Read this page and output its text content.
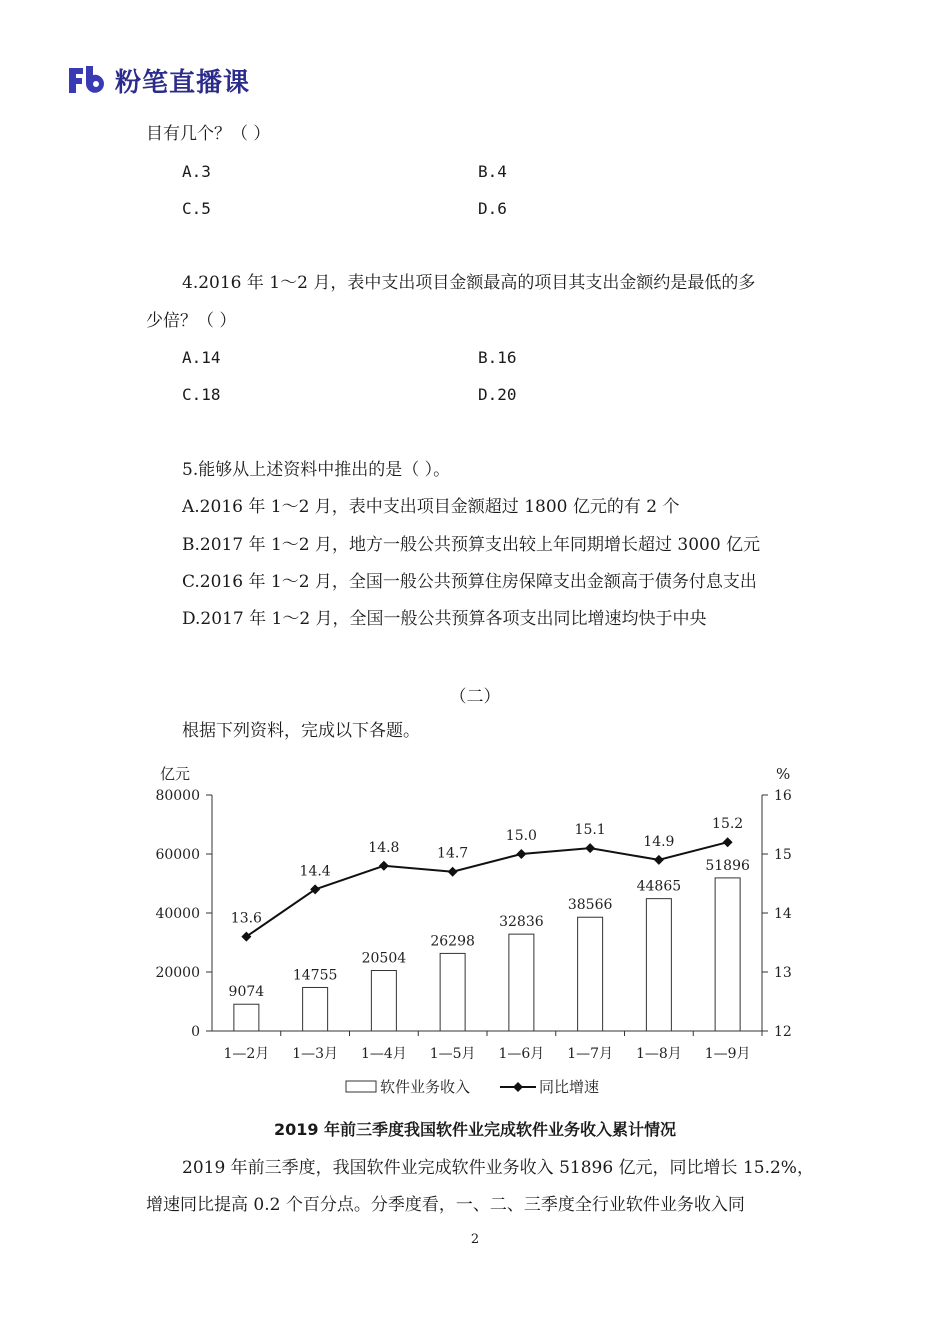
粉笔直播课
目有几个？（ ）
A.3	B.4
C.5	D.6
4.2016 年 1～2 月，表中支出项目金额最高的项目其支出金额约是最低的多
少倍？（ ）
A.14	B.16
C.18	D.20
5.能够从上述资料中推出的是（ ）。
A.2016 年 1～2 月，表中支出项目金额超过 1800 亿元的有 2 个
B.2017 年 1～2 月，地方一般公共预算支出较上年同期增长超过 3000 亿元
C.2016 年 1～2 月，全国一般公共预算住房保障支出金额高于债务付息支出
D.2017 年 1～2 月，全国一般公共预算各项支出同比增速均快于中央
（二）
根据下列资料，完成以下各题。
亿元	%
0
20000
40000
60000
80000
12
13
14
15
16
1—2月 1—3月 1—4月 1—5月 1—6月 1—7月 1—8月 1—9月
9074
14755
20504
26298
32836
38566
44865
51896
13.6
14.4
14.8	14.7
15.0	15.1
14.9
15.2
软件业务收入	同比增速
2019 年前三季度我国软件业完成软件业务收入累计情况
2019 年前三季度，我国软件业完成软件业务收入 51896 亿元，同比增长 15.2%，
增速同比提高 0.2 个百分点。分季度看，一、二、三季度全行业软件业务收入同
2
